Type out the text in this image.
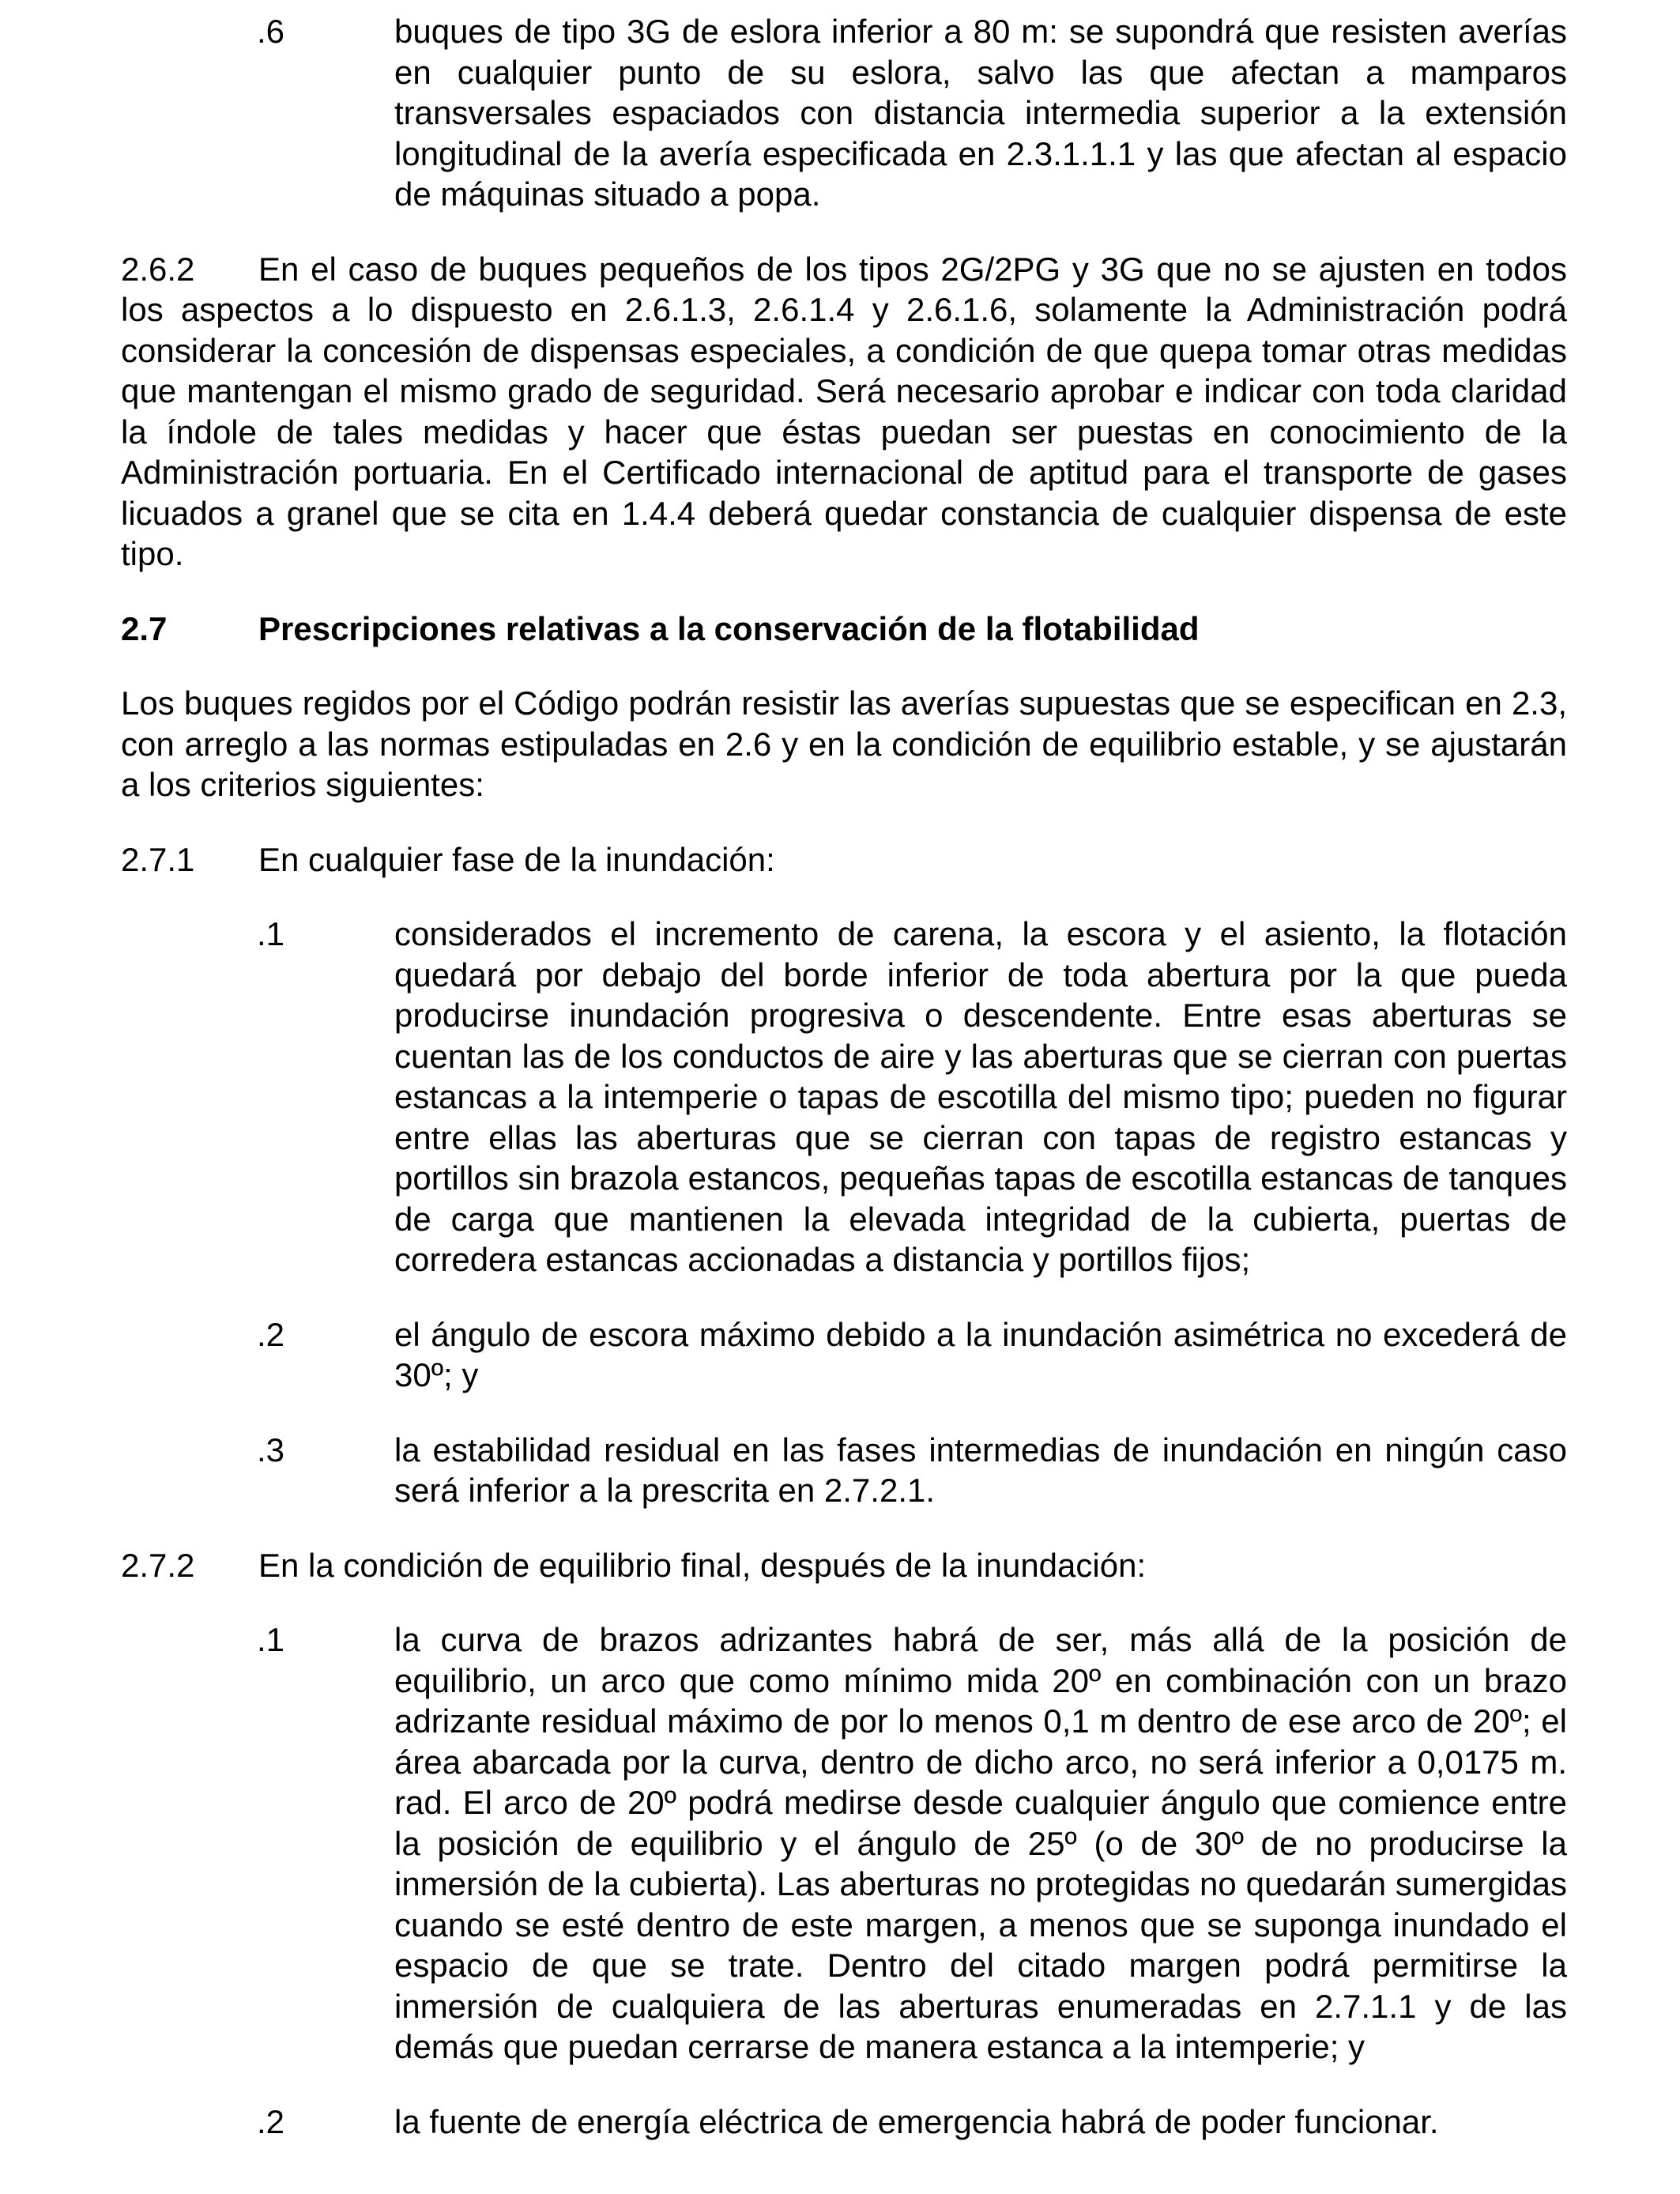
.6	buques de tipo 3G de eslora inferior a 80 m: se supondrá que resisten averías en cualquier punto de su eslora, salvo las que afectan a mamparos transversales espaciados con distancia intermedia superior a la extensión longitudinal de la avería especificada en 2.3.1.1.1 y las que afectan al espacio de máquinas situado a popa.

2.6.2 En el caso de buques pequeños de los tipos 2G/2PG y 3G que no se ajusten en todos los aspectos a lo dispuesto en 2.6.1.3, 2.6.1.4 y 2.6.1.6, solamente la Administración podrá considerar la concesión de dispensas especiales, a condición de que quepa tomar otras medidas que mantengan el mismo grado de seguridad. Será necesario aprobar e indicar con toda claridad la índole de tales medidas y hacer que éstas puedan ser puestas en conocimiento de la Administración portuaria. En el Certificado internacional de aptitud para el transporte de gases licuados a granel que se cita en 1.4.4 deberá quedar constancia de cualquier dispensa de este tipo.

2.7	Prescripciones relativas a la conservación de la flotabilidad

Los buques regidos por el Código podrán resistir las averías supuestas que se especifican en 2.3, con arreglo a las normas estipuladas en 2.6 y en la condición de equilibrio estable, y se ajustarán a los criterios siguientes:

2.7.1	En cualquier fase de la inundación:
.1	considerados el incremento de carena, la escora y el asiento, la flotación quedará por debajo del borde inferior de toda abertura por la que pueda producirse inundación progresiva o descendente. Entre esas aberturas se cuentan las de los conductos de aire y las aberturas que se cierran con puertas estancas a la intemperie o tapas de escotilla del mismo tipo; pueden no figurar entre ellas las aberturas que se cierran con tapas de registro estancas y portillos sin brazola estancos, pequeñas tapas de escotilla estancas de tanques de carga que mantienen la elevada integridad de la cubierta, puertas de corredera estancas accionadas a distancia y portillos fijos;
.2	el ángulo de escora máximo debido a la inundación asimétrica no excederá de 30º; y
.3	la estabilidad residual en las fases intermedias de inundación en ningún caso será inferior a la prescrita en 2.7.2.1.
2.7.2	En la condición de equilibrio final, después de la inundación:
.1	la curva de brazos adrizantes habrá de ser, más allá de la posición de equilibrio, un arco que como mínimo mida 20º en combinación con un brazo adrizante residual máximo de por lo menos 0,1 m dentro de ese arco de 20º; el área abarcada por la curva, dentro de dicho arco, no será inferior a 0,0175 m. rad. El arco de 20º podrá medirse desde cualquier ángulo que comience entre la posición de equilibrio y el ángulo de 25º (o de 30º de no producirse la inmersión de la cubierta). Las aberturas no protegidas no quedarán sumergidas cuando se esté dentro de este margen, a menos que se suponga inundado el espacio de que se trate. Dentro del citado margen podrá permitirse la inmersión de cualquiera de las aberturas enumeradas en 2.7.1.1 y de las demás que puedan cerrarse de manera estanca a la intemperie; y
.2	la fuente de energía eléctrica de emergencia habrá de poder funcionar.
